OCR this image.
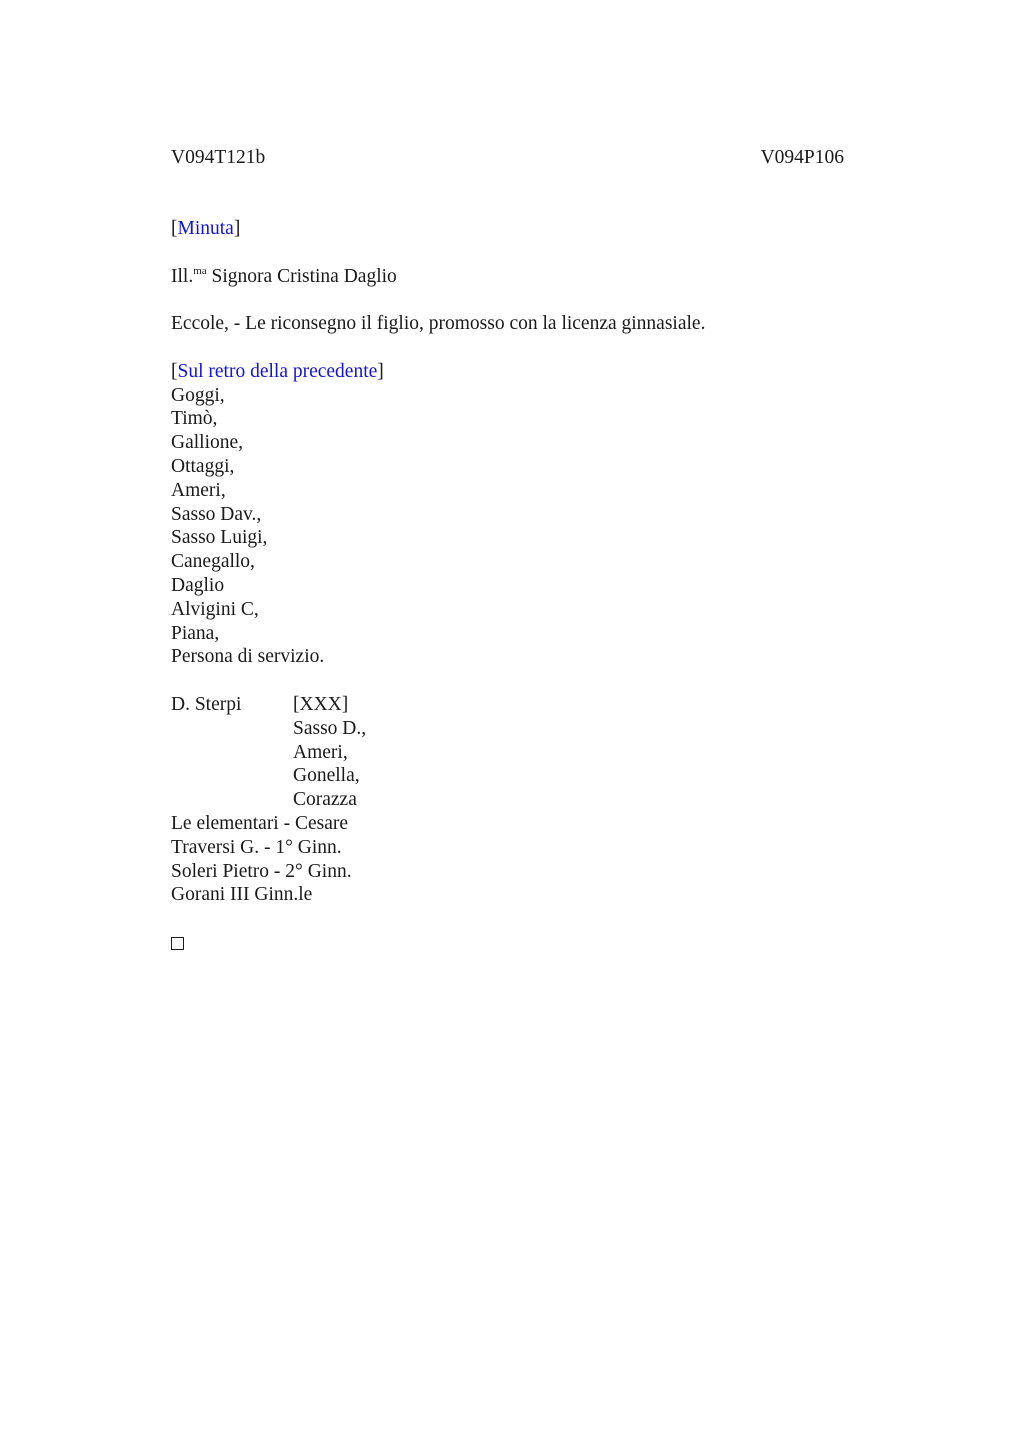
V094T121b	V094P106
[Minuta]
Ill.$^{ma}$ Signora Cristina Daglio
Eccole, - Le riconsegno il figlio, promosso con la licenza ginnasiale.
[Sul retro della precedente]
Goggi,
Timò,
Gallione,
Ottaggi,
Ameri,
Sasso Dav.,
Sasso Luigi,
Canegallo,
Daglio
Alvigini C,
Piana,
Persona di servizio.
D. Sterpi	[XXX]
Sasso D.,
Ameri,
Gonella,
Corazza
Le elementari - Cesare
Traversi G. - 1° Ginn.
Soleri Pietro - 2° Ginn.
Gorani III Ginn.le
